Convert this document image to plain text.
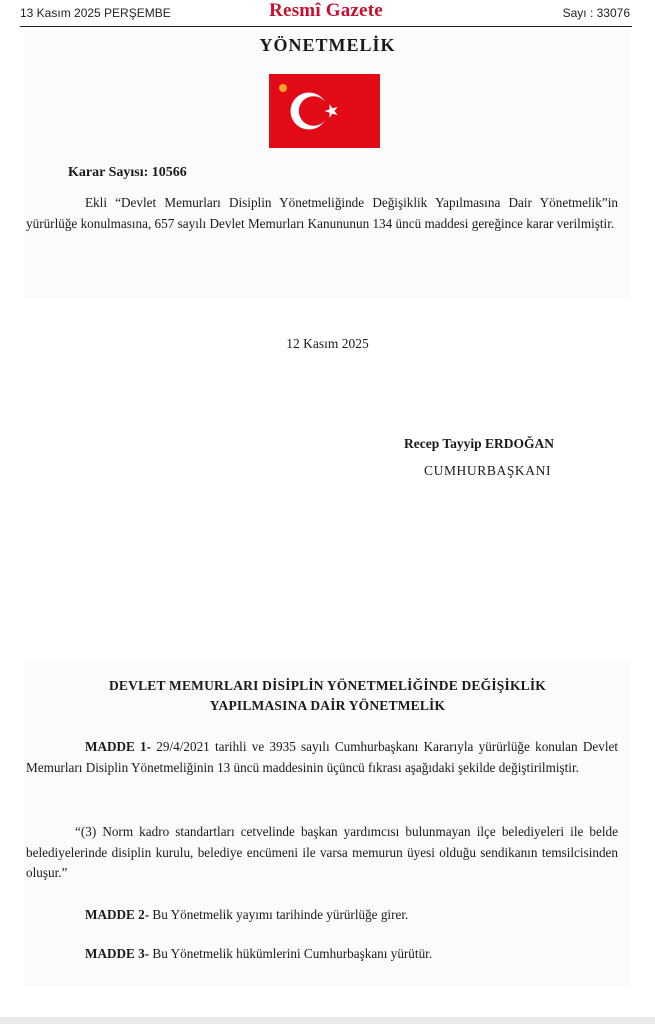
13 Kasım 2025 PERŞEMBE	Resmî Gazete	Sayı : 33076
YÖNETMELİK
Karar Sayısı: 10566
Ekli “Devlet Memurları Disiplin Yönetmeliğinde Değişiklik Yapılmasına Dair Yönetmelik”in yürürlüğe konulmasına, 657 sayılı Devlet Memurları Kanununun 134 üncü maddesi gereğince karar verilmiştir.
12 Kasım 2025
Recep Tayyip ERDOĞAN
CUMHURBAŞKANI
DEVLET MEMURLARI DİSİPLİN YÖNETMELİĞİNDE DEĞİŞİKLİK
YAPILMASINA DAİR YÖNETMELİK
MADDE 1- 29/4/2021 tarihli ve 3935 sayılı Cumhurbaşkanı Kararıyla yürürlüğe konulan Devlet Memurları Disiplin Yönetmeliğinin 13 üncü maddesinin üçüncü fıkrası aşağıdaki şekilde değiştirilmiştir.
“(3) Norm kadro standartları cetvelinde başkan yardımcısı bulunmayan ilçe belediyeleri ile belde belediyelerinde disiplin kurulu, belediye encümeni ile varsa memurun üyesi olduğu sendikanın temsilcisinden oluşur.”
MADDE 2- Bu Yönetmelik yayımı tarihinde yürürlüğe girer.
MADDE 3- Bu Yönetmelik hükümlerini Cumhurbaşkanı yürütür.
